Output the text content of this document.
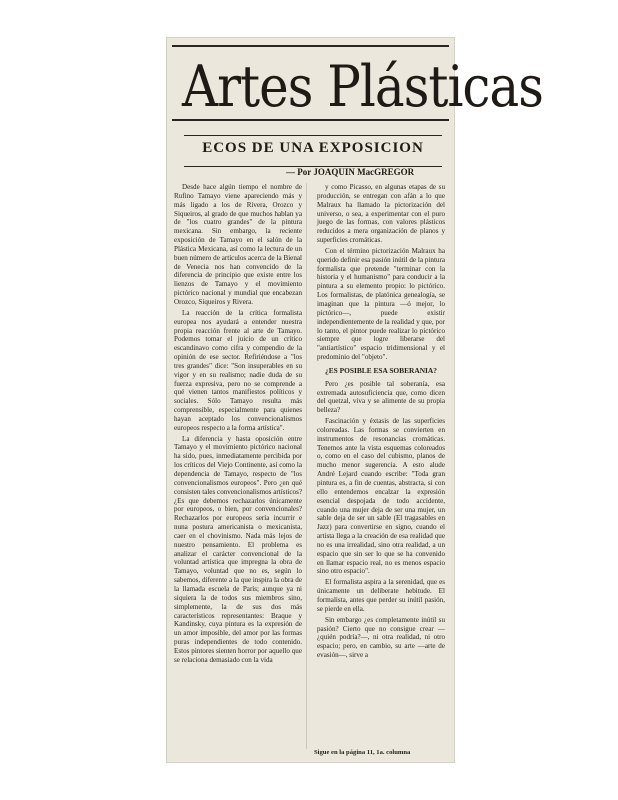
Artes Plásticas
ECOS DE UNA EXPOSICION
— Por JOAQUIN MacGREGOR

Desde hace algún tiempo el nombre de Rufino Tamayo viene apareciendo más y más ligado a los de Rivera, Orozco y Siqueiros, al grado de que muchos hablan ya de "los cuatro grandes" de la pintura mexicana. Sin embargo, la reciente exposición de Tamayo en el salón de la Plástica Mexicana, así como la lectura de un buen número de artículos acerca de la Bienal de Venecia nos han convencido de la diferencia de principio que existe entre los lienzos de Tamayo y el movimiento pictórico nacional y mundial que encabezan Orozco, Siqueiros y Rivera.

La reacción de la crítica formalista europea nos ayudará a entender nuestra propia reacción frente al arte de Tamayo. Podemos tomar el juicio de un crítico escandinavo como cifra y compendio de la opinión de ese sector. Refiriéndose a "los tres grandes" dice: "Son insuperables en su vigor y en su realismo; nadie duda de su fuerza expresiva, pero no se comprende a qué vienen tantos manifiestos políticos y sociales. Sólo Tamayo resulta más comprensible, especialmente para quienes hayan aceptado los convencionalismos europeos respecto a la forma artística".

La diferencia y hasta oposición entre Tamayo y el movimiento pictórico nacional ha sido, pues, inmediatamente percibida por los críticos del Viejo Continente, así como la dependencia de Tamayo, respecto de "los convencionalismos europeos". Pero ¿en qué consisten tales convencionalismos artísticos? ¿Es que debemos rechazarlos únicamente por europeos, o bien, por convencionales? Rechazarlos por europeos sería incurrir e nuna postura americanista o mexicanista, caer en el chovinismo. Nada más lejos de nuestro pensamiento. El problema es analizar el carácter convencional de la voluntad artística que impregna la obra de Tamayo, voluntad que no es, según lo sabemos, diferente a la que inspira la obra de la llamada escuela de París; aunque ya ni siquiera la de todos sus miembros sino, simplemente, la de sus dos más característicos representantes: Braque y Kandinsky, cuya pintura es la expresión de un amor imposible, del amor por las formas puras independientes de todo contenido. Estos pintores sienten horror por aquello que se relaciona demasiado con la vida

y como Picasso, en algunas etapas de su producción, se entregan con afán a lo que Malraux ha llamado la pictorización del universo, o sea, a experimentar con el puro juego de las formas, con valores plásticos reducidos a mera organización de planos y superficies cromáticas.

Con el término pictorización Malraux ha querido definir esa pasión inútil de la pintura formalista que pretende "terminar con la historia y el humanismo" para conducir a la pintura a su elemento propio: lo pictórico. Los formalistas, de platónica genealogía, se imaginan que la pintura —ó mejor, lo pictórico—, puede existir independientemente de la realidad y que, por lo tanto, el pintor puede realizar lo pictórico siempre que logre liberarse del "antiartístico" espacio tridimensional y el predominio del "objeto".

¿ES POSIBLE ESA SOBERANIA?

Pero ¿es posible tal soberanía, esa extremada autosuficiencia que, como dicen del quetzal, viva y se alimente de su propia belleza?

Fascinación y éxtasis de las superficies coloreadas. Las formas se convierten en instrumentos de resonancias cromáticas. Tenemos ante la vista esquemas coloreados o, como en el caso del cubismo, planos de mucho menor sugerencia. A esto alude André Lejard cuando escribe: "Toda gran pintura es, a fin de cuentas, abstracta, si con ello entendemos encalzar la expresión esencial despojada de todo accidente, cuando una mujer deja de ser una mujer, un sable deja de ser un sable (El tragasables en Jazz) para convertirse en signo, cuando el artista llega a la creación de esa realidad que no es una irrealidad, sino otra realidad, a un espacio que sin ser lo que se ha convenido en llamar espacio real, no es menos espacio sino otro espacio".

El formalista aspira a la serenidad, que es únicamente un deliberate hebitude. El formalista, antes que perder su inútil pasión, se pierde en ella.

Sin embargo ¿es completamente inútil su pasión? Cierto que no consigue crear —¿quién podría?—, ni otra realidad, ni otro espacio; pero, en cambio, su arte —arte de evasión—, sirve a

Sigue en la página 11, 1a. columna
